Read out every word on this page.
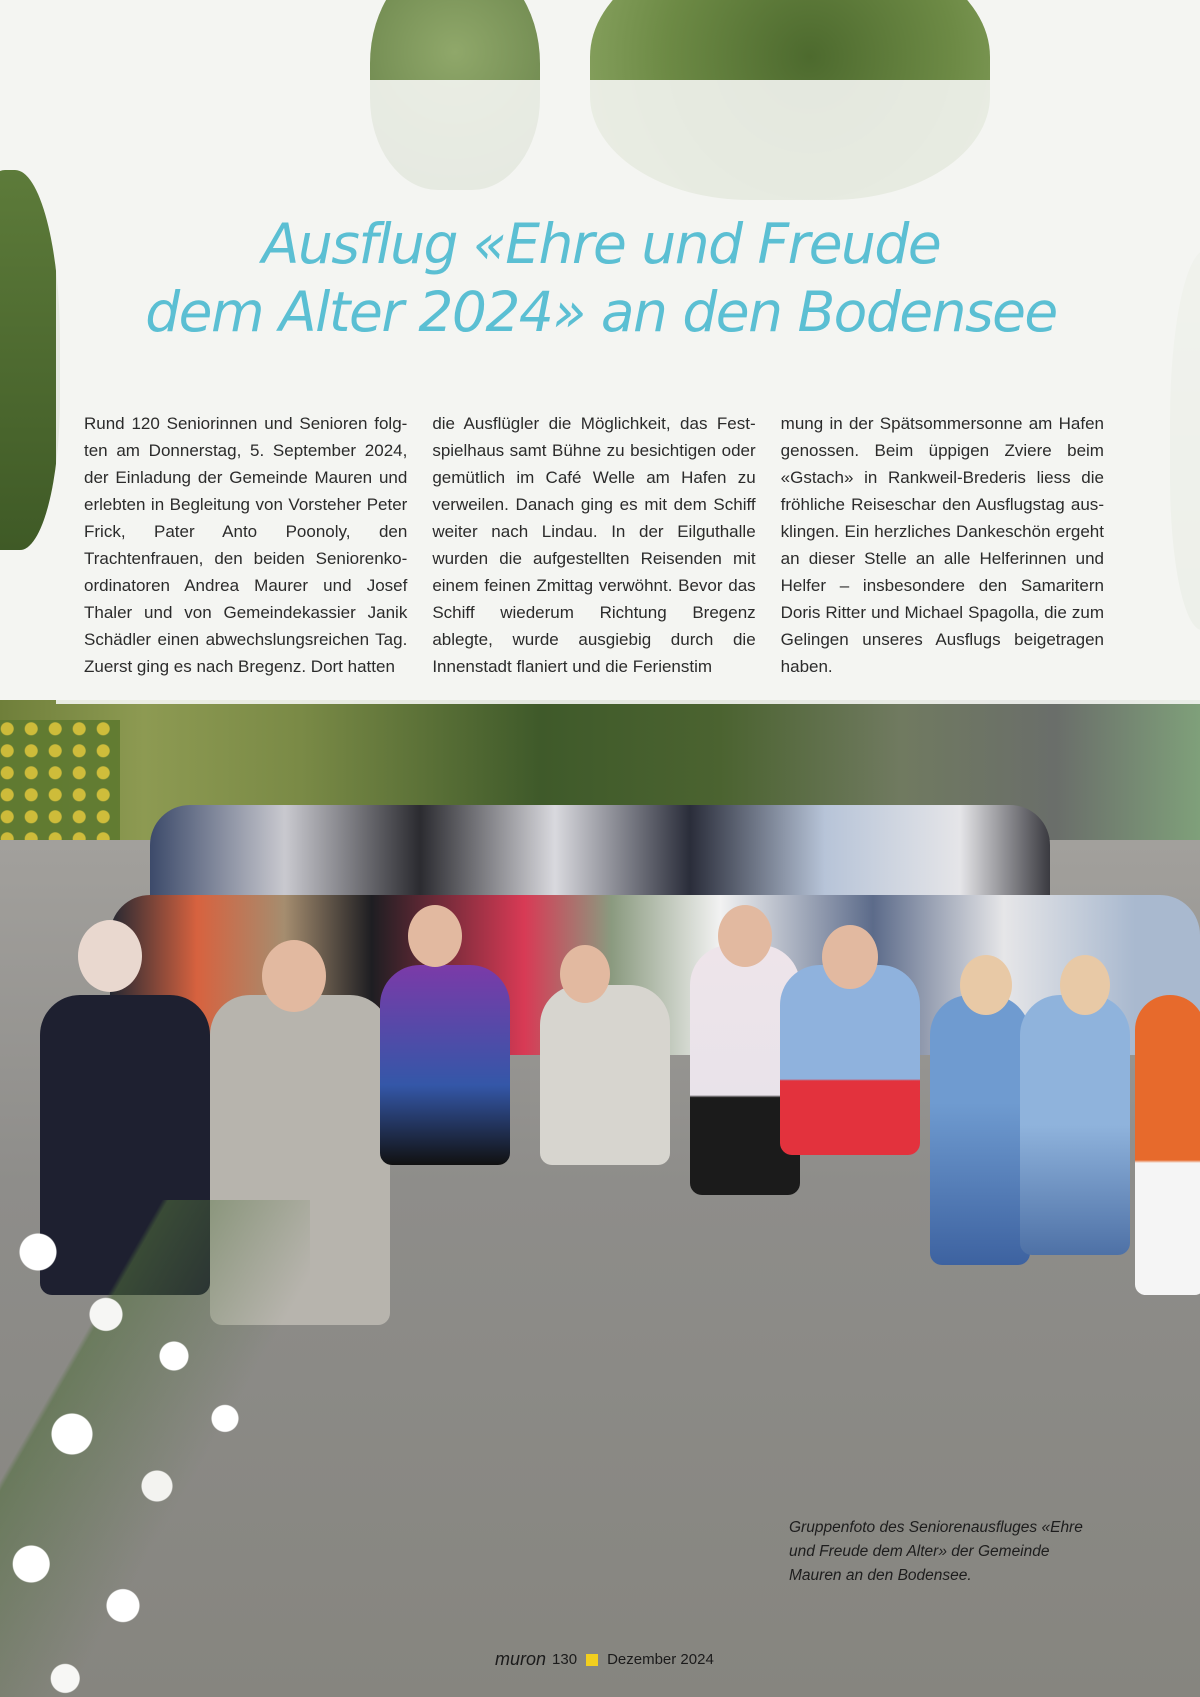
Ausflug «Ehre und Freude
dem Alter 2024» an den Bodensee

Rund 120 Seniorinnen und Senioren folgten am Donnerstag, 5. September 2024, der Einladung der Gemeinde Mauren und erlebten in Begleitung von Vorsteher Peter Frick, Pater Anto Poonoly, den Trachtenfrauen, den beiden Seniorenkoordinatoren Andrea Maurer und Josef Thaler und von Gemeindekassier Janik Schädler einen abwechslungsreichen Tag. Zuerst ging es nach Bregenz. Dort hatten

die Ausflügler die Möglichkeit, das Festspielhaus samt Bühne zu besichtigen oder gemütlich im Café Welle am Hafen zu verweilen. Danach ging es mit dem Schiff weiter nach Lindau. In der Eilguthalle wurden die aufgestellten Reisenden mit einem feinen Zmittag verwöhnt. Bevor das Schiff wiederum Richtung Bregenz ablegte, wurde ausgiebig durch die Innenstadt flaniert und die Ferienstim

mung in der Spätsommersonne am Hafen genossen. Beim üppigen Zviere beim «Gstach» in Rankweil-Brederis liess die fröhliche Reiseschar den Ausflugstag ausklingen. Ein herzliches Dankeschön ergeht an dieser Stelle an alle Helferinnen und Helfer – insbesondere den Samaritern Doris Ritter und Michael Spagolla, die zum Gelingen unseres Ausflugs beigetragen haben.

Gruppenfoto des Seniorenausfluges «Ehre und Freude dem Alter» der Gemeinde Mauren an den Bodensee.

muron 130 Dezember 2024
